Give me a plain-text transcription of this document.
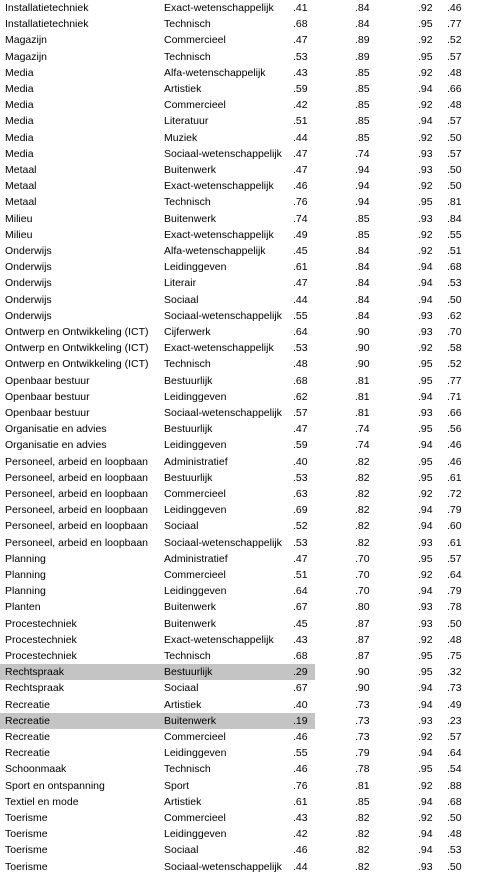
Installatietechniek	Exact-wetenschappelijk	.41	.84	.92	.46
Installatietechniek	Technisch	.68	.84	.95	.77
Magazijn	Commercieel	.47	.89	.92	.52
Magazijn	Technisch	.53	.89	.95	.57
Media	Alfa-wetenschappelijk	.43	.85	.92	.48
Media	Artistiek	.59	.85	.94	.66
Media	Commercieel	.42	.85	.92	.48
Media	Literatuur	.51	.85	.94	.57
Media	Muziek	.44	.85	.92	.50
Media	Sociaal-wetenschappelijk	.47	.74	.93	.57
Metaal	Buitenwerk	.47	.94	.93	.50
Metaal	Exact-wetenschappelijk	.46	.94	.92	.50
Metaal	Technisch	.76	.94	.95	.81
Milieu	Buitenwerk	.74	.85	.93	.84
Milieu	Exact-wetenschappelijk	.49	.85	.92	.55
Onderwijs	Alfa-wetenschappelijk	.45	.84	.92	.51
Onderwijs	Leidinggeven	.61	.84	.94	.68
Onderwijs	Literair	.47	.84	.94	.53
Onderwijs	Sociaal	.44	.84	.94	.50
Onderwijs	Sociaal-wetenschappelijk	.55	.84	.93	.62
Ontwerp en Ontwikkeling (ICT)	Cijferwerk	.64	.90	.93	.70
Ontwerp en Ontwikkeling (ICT)	Exact-wetenschappelijk	.53	.90	.92	.58
Ontwerp en Ontwikkeling (ICT)	Technisch	.48	.90	.95	.52
Openbaar bestuur	Bestuurlijk	.68	.81	.95	.77
Openbaar bestuur	Leidinggeven	.62	.81	.94	.71
Openbaar bestuur	Sociaal-wetenschappelijk	.57	.81	.93	.66
Organisatie en advies	Bestuurlijk	.47	.74	.95	.56
Organisatie en advies	Leidinggeven	.59	.74	.94	.46
Personeel, arbeid en loopbaan	Administratief	.40	.82	.95	.46
Personeel, arbeid en loopbaan	Bestuurlijk	.53	.82	.95	.61
Personeel, arbeid en loopbaan	Commercieel	.63	.82	.92	.72
Personeel, arbeid en loopbaan	Leidinggeven	.69	.82	.94	.79
Personeel, arbeid en loopbaan	Sociaal	.52	.82	.94	.60
Personeel, arbeid en loopbaan	Sociaal-wetenschappelijk	.53	.82	.93	.61
Planning	Administratief	.47	.70	.95	.57
Planning	Commercieel	.51	.70	.92	.64
Planning	Leidinggeven	.64	.70	.94	.79
Planten	Buitenwerk	.67	.80	.93	.78
Procestechniek	Buitenwerk	.45	.87	.93	.50
Procestechniek	Exact-wetenschappelijk	.43	.87	.92	.48
Procestechniek	Technisch	.68	.87	.95	.75
Rechtspraak	Bestuurlijk	.29	.90	.95	.32
Rechtspraak	Sociaal	.67	.90	.94	.73
Recreatie	Artistiek	.40	.73	.94	.49
Recreatie	Buitenwerk	.19	.73	.93	.23
Recreatie	Commercieel	.46	.73	.92	.57
Recreatie	Leidinggeven	.55	.79	.94	.64
Schoonmaak	Technisch	.46	.78	.95	.54
Sport en ontspanning	Sport	.76	.81	.92	.88
Textiel en mode	Artistiek	.61	.85	.94	.68
Toerisme	Commercieel	.43	.82	.92	.50
Toerisme	Leidinggeven	.42	.82	.94	.48
Toerisme	Sociaal	.46	.82	.94	.53
Toerisme	Sociaal-wetenschappelijk	.44	.82	.93	.50
